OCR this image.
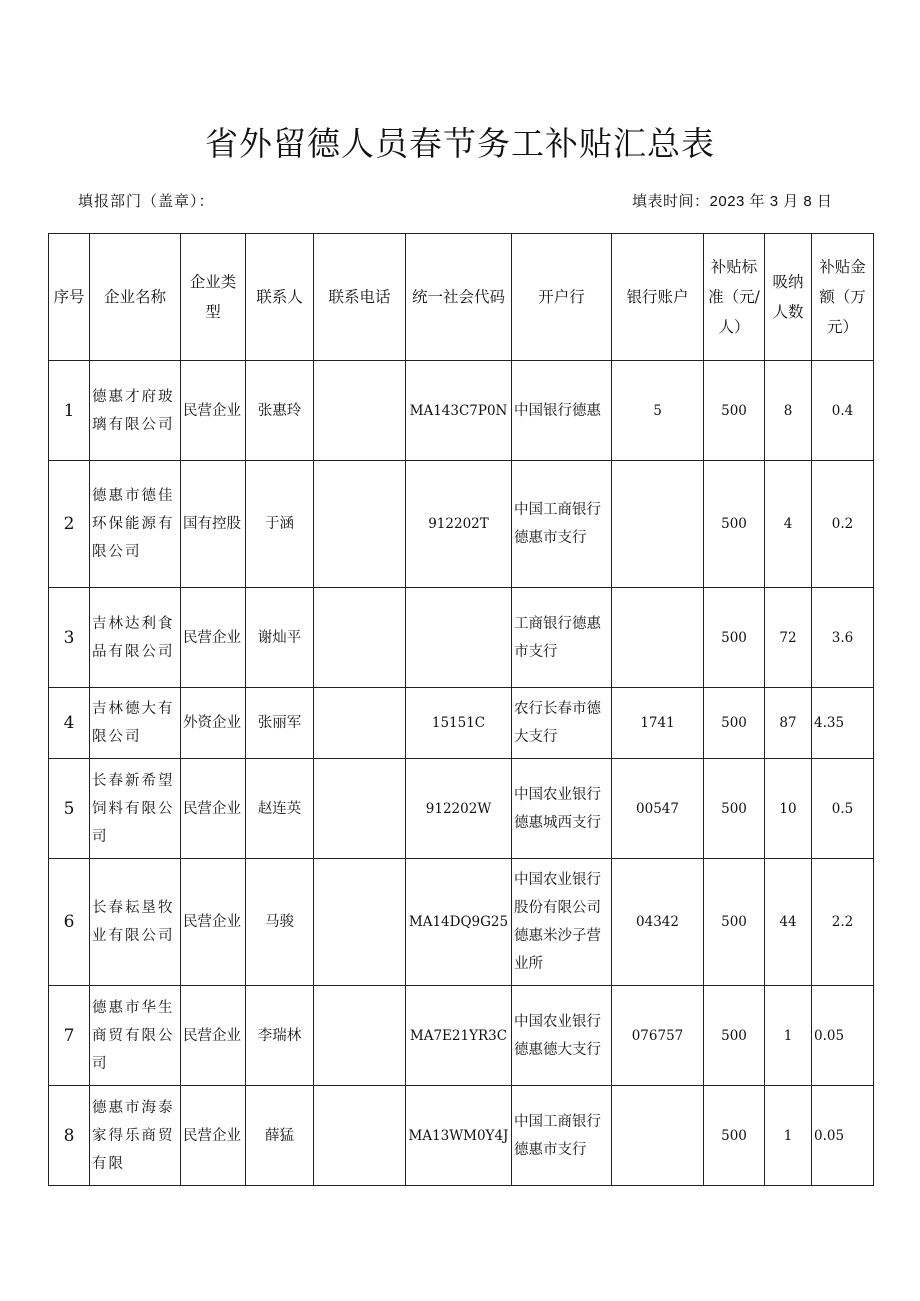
省外留德人员春节务工补贴汇总表
填报部门（盖章）：	填表时间：2023 年 3 月 8 日
序号	企业名称	企业类型	联系人	联系电话	统一社会代码	开户行	银行账户	补贴标准（元/人）	吸纳人数	补贴金额（万元）
1	德惠才府玻璃有限公司	民营企业	张惠玲		MA143C7P0N	中国银行德惠	5	500	8	0.4
2	德惠市德佳环保能源有限公司	国有控股	于涵		912202T	中国工商银行德惠市支行		500	4	0.2
3	吉林达利食品有限公司	民营企业	谢灿平			工商银行德惠市支行		500	72	3.6
4	吉林德大有限公司	外资企业	张丽军		15151C	农行长春市德大支行	1741	500	87	4.35
5	长春新希望饲料有限公司	民营企业	赵连英		912202W	中国农业银行德惠城西支行	00547	500	10	0.5
6	长春耘垦牧业有限公司	民营企业	马骏		MA14DQ9G25	中国农业银行股份有限公司德惠米沙子营业所	04342	500	44	2.2
7	德惠市华生商贸有限公司	民营企业	李瑞林		MA7E21YR3C	中国农业银行德惠德大支行	076757	500	1	0.05
8	德惠市海泰家得乐商贸有限	民营企业	薛猛		MA13WM0Y4J	中国工商银行德惠市支行		500	1	0.05
